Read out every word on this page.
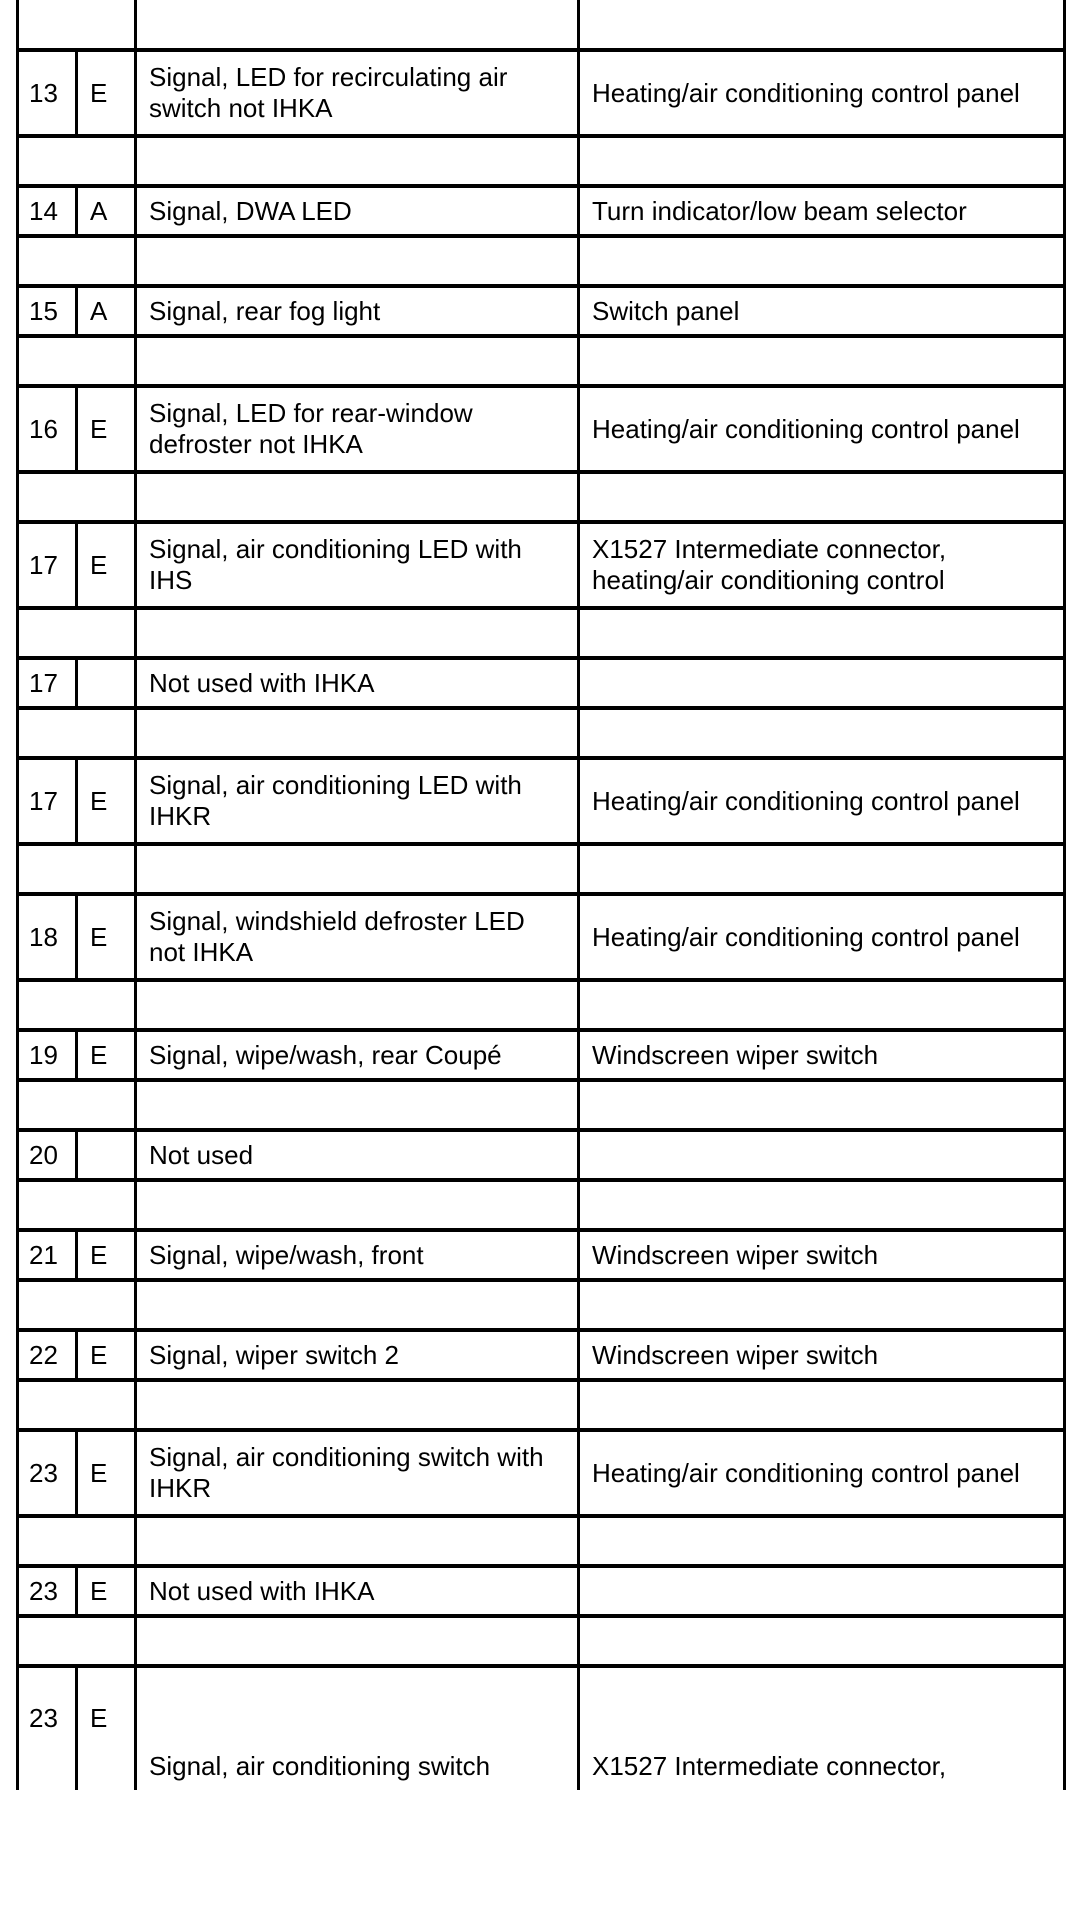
13	E	Signal, LED for recirculating air switch not IHKA	Heating/air conditioning control panel

14	A	Signal, DWA LED	Turn indicator/low beam selector

15	A	Signal, rear fog light	Switch panel

16	E	Signal, LED for rear-window defroster not IHKA	Heating/air conditioning control panel

17	E	Signal, air conditioning LED with IHS	X1527 Intermediate connector, heating/air conditioning control

17		Not used with IHKA	

17	E	Signal, air conditioning LED with IHKR	Heating/air conditioning control panel

18	E	Signal, windshield defroster LED not IHKA	Heating/air conditioning control panel

19	E	Signal, wipe/wash, rear Coupé	Windscreen wiper switch

20		Not used	

21	E	Signal, wipe/wash, front	Windscreen wiper switch

22	E	Signal, wiper switch 2	Windscreen wiper switch

23	E	Signal, air conditioning switch with IHKR	Heating/air conditioning control panel

23	E	Not used with IHKA	

23	E	Signal, air conditioning switch	X1527 Intermediate connector,
